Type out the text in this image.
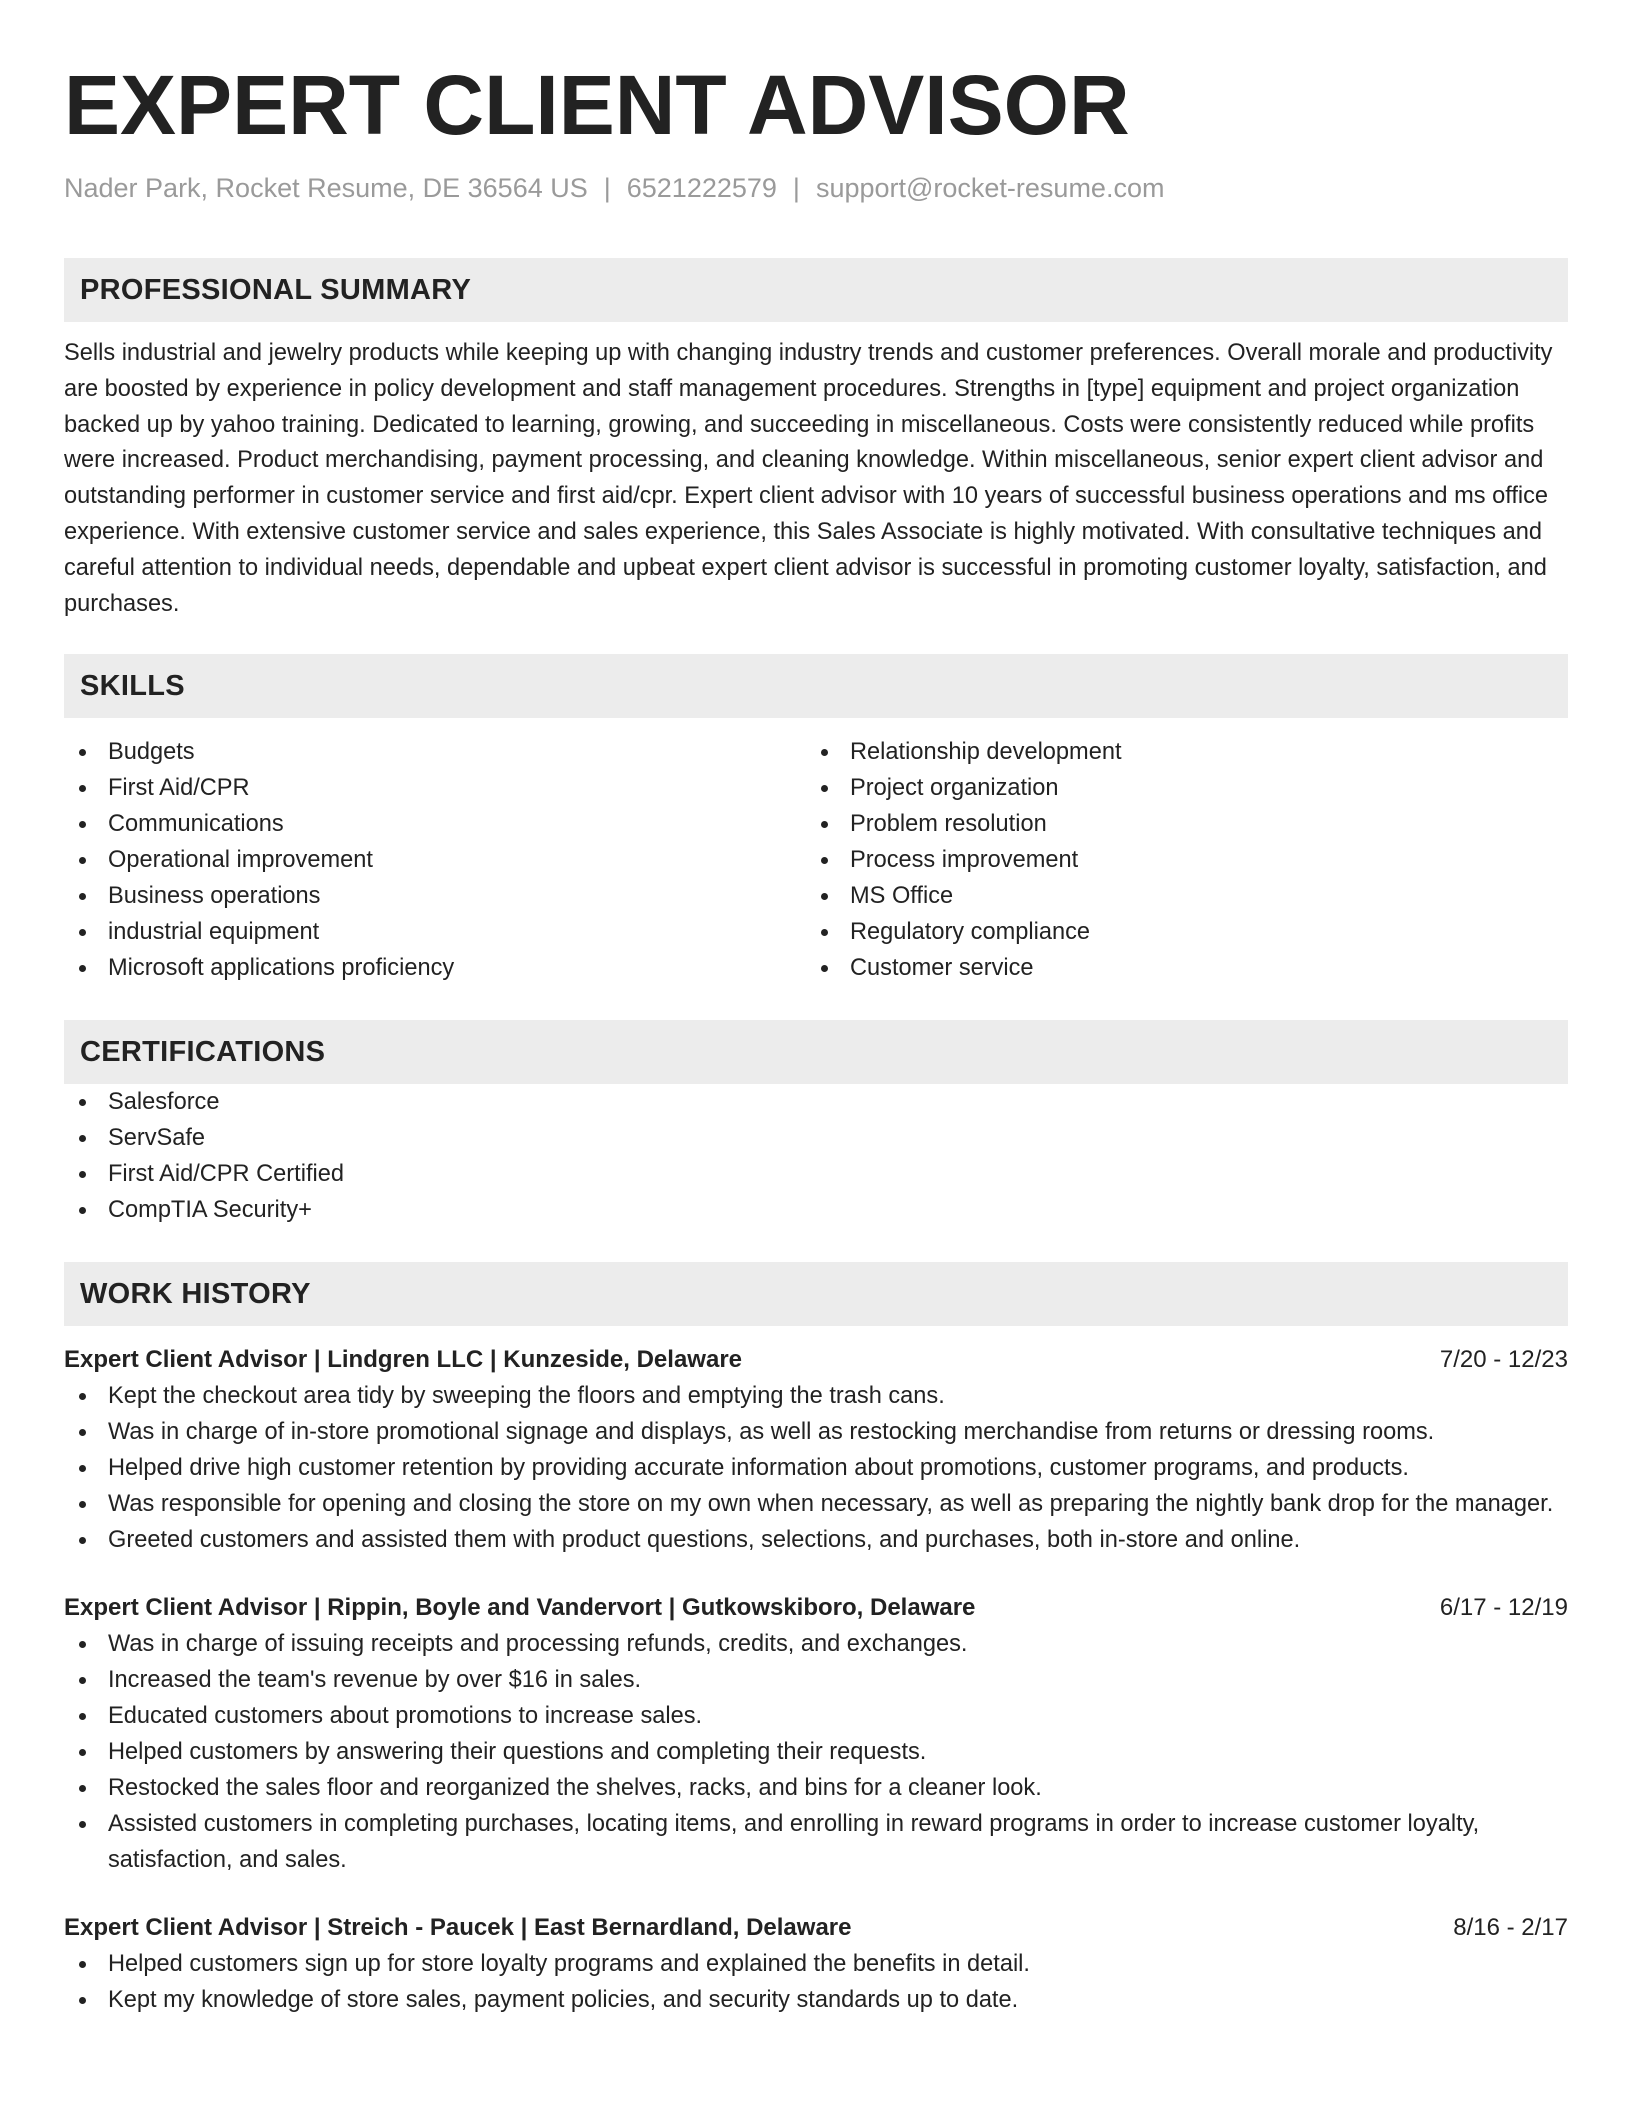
EXPERT CLIENT ADVISOR
Nader Park, Rocket Resume, DE 36564 US | 6521222579 | support@rocket-resume.com
PROFESSIONAL SUMMARY

Sells industrial and jewelry products while keeping up with changing industry trends and customer preferences. Overall morale and productivity are boosted by experience in policy development and staff management procedures. Strengths in [type] equipment and project organization backed up by yahoo training. Dedicated to learning, growing, and succeeding in miscellaneous. Costs were consistently reduced while profits were increased. Product merchandising, payment processing, and cleaning knowledge. Within miscellaneous, senior expert client advisor and outstanding performer in customer service and first aid/cpr. Expert client advisor with 10 years of successful business operations and ms office experience. With extensive customer service and sales experience, this Sales Associate is highly motivated. With consultative techniques and careful attention to individual needs, dependable and upbeat expert client advisor is successful in promoting customer loyalty, satisfaction, and purchases.

SKILLS
Budgets
First Aid/CPR
Communications
Operational improvement
Business operations
industrial equipment
Microsoft applications proficiency
Relationship development
Project organization
Problem resolution
Process improvement
MS Office
Regulatory compliance
Customer service
CERTIFICATIONS
Salesforce
ServSafe
First Aid/CPR Certified
CompTIA Security+
WORK HISTORY
Expert Client Advisor | Lindgren LLC | Kunzeside, Delaware	7/20 - 12/23
Kept the checkout area tidy by sweeping the floors and emptying the trash cans.
Was in charge of in-store promotional signage and displays, as well as restocking merchandise from returns or dressing rooms.
Helped drive high customer retention by providing accurate information about promotions, customer programs, and products.
Was responsible for opening and closing the store on my own when necessary, as well as preparing the nightly bank drop for the manager.
Greeted customers and assisted them with product questions, selections, and purchases, both in-store and online.
Expert Client Advisor | Rippin, Boyle and Vandervort | Gutkowskiboro, Delaware	6/17 - 12/19
Was in charge of issuing receipts and processing refunds, credits, and exchanges.
Increased the team's revenue by over $16 in sales.
Educated customers about promotions to increase sales.
Helped customers by answering their questions and completing their requests.
Restocked the sales floor and reorganized the shelves, racks, and bins for a cleaner look.
Assisted customers in completing purchases, locating items, and enrolling in reward programs in order to increase customer loyalty, satisfaction, and sales.
Expert Client Advisor | Streich - Paucek | East Bernardland, Delaware	8/16 - 2/17
Helped customers sign up for store loyalty programs and explained the benefits in detail.
Kept my knowledge of store sales, payment policies, and security standards up to date.
